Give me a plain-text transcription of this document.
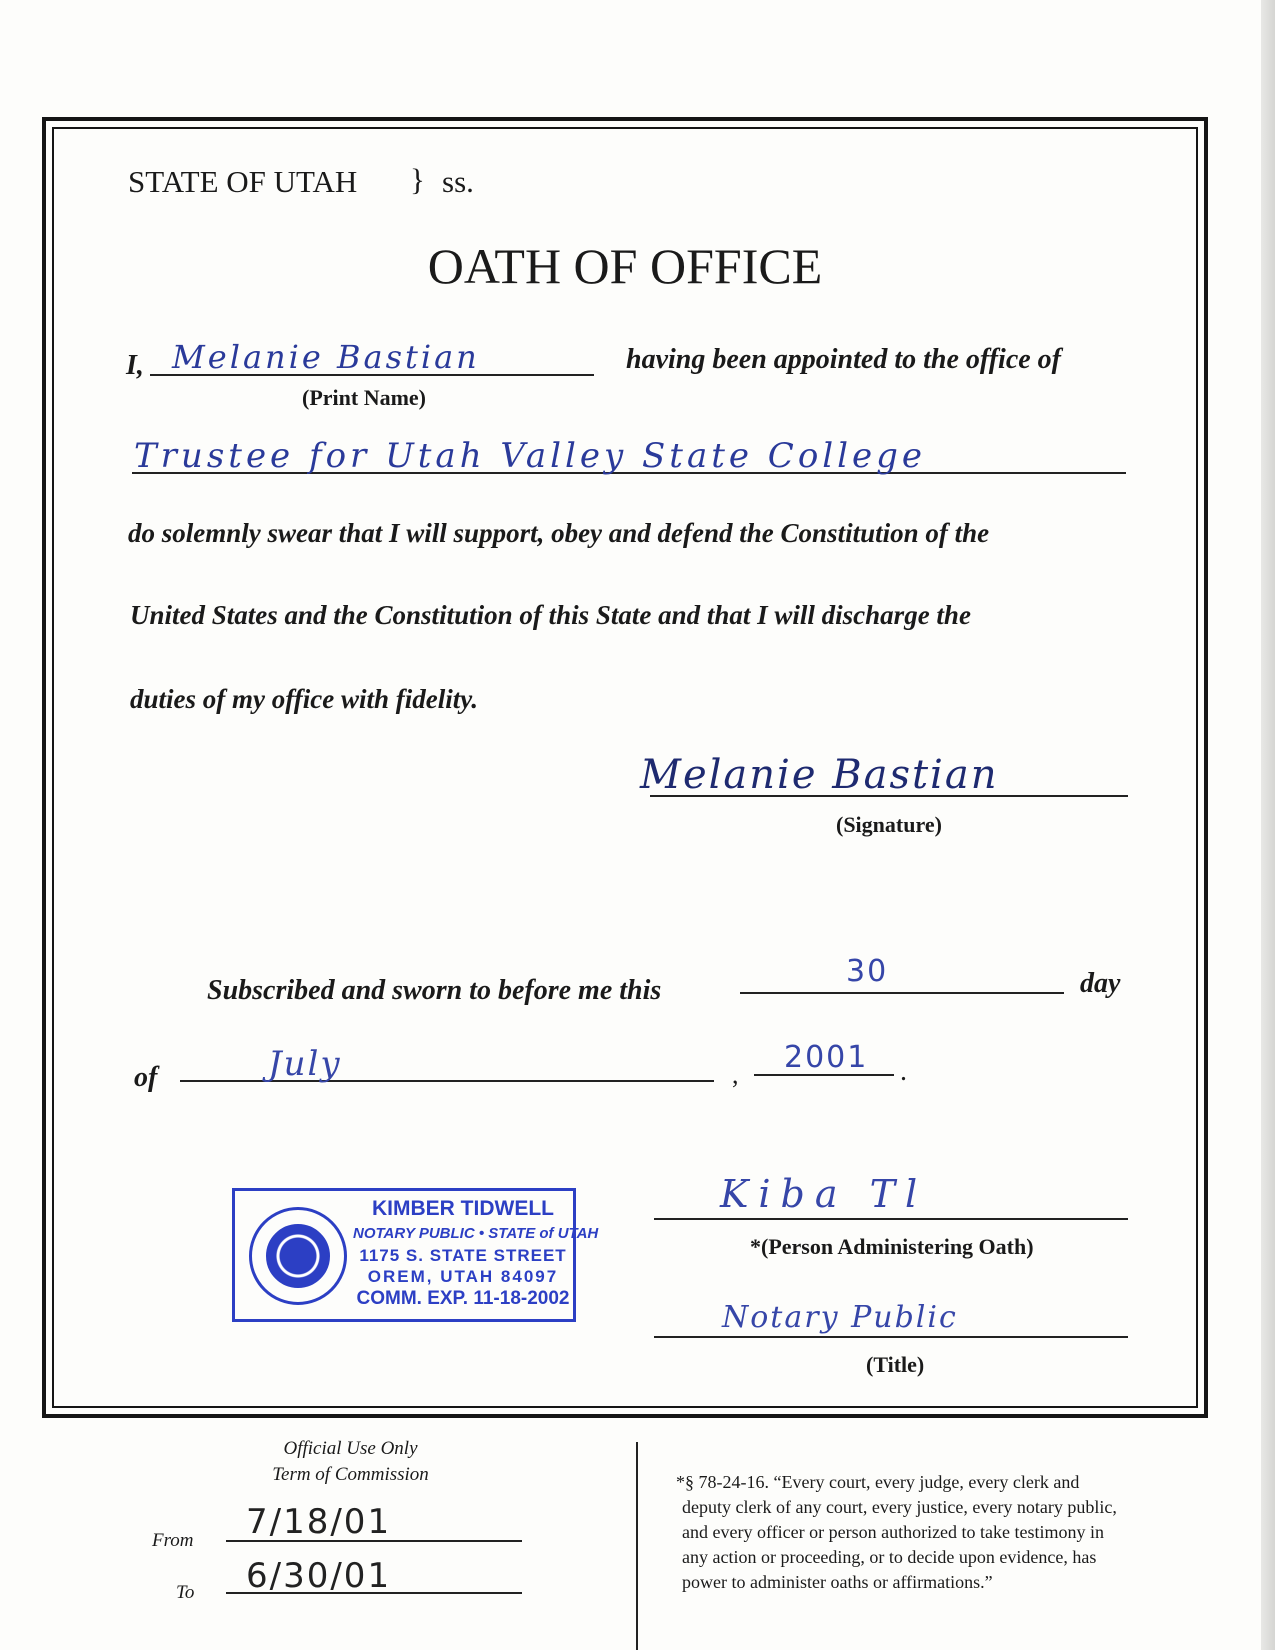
STATE OF UTAH } ss.
OATH OF OFFICE
I, Melanie Bastian
(Print Name)
having been appointed to the office of
Trustee for Utah Valley State College
do solemnly swear that I will support, obey and defend the Constitution of the
United States and the Constitution of this State and that I will discharge the
duties of my office with fidelity.
Melanie Bastian
(Signature)
Subscribed and sworn to before me this
30	day
of	July	, 2001 .
KIMBER TIDWELL
NOTARY PUBLIC • STATE of UTAH
1175 S. STATE STREET
OREM, UTAH 84097
COMM. EXP. 11-18-2002
Kiba Tl
*(Person Administering Oath)
Notary Public
(Title)
Official Use Only
Term of Commission
From 7/18/01
To 6/30/01
*§ 78-24-16. “Every court, every judge, every clerk and
deputy clerk of any court, every justice, every notary public,
and every officer or person authorized to take testimony in
any action or proceeding, or to decide upon evidence, has
power to administer oaths or affirmations.”
